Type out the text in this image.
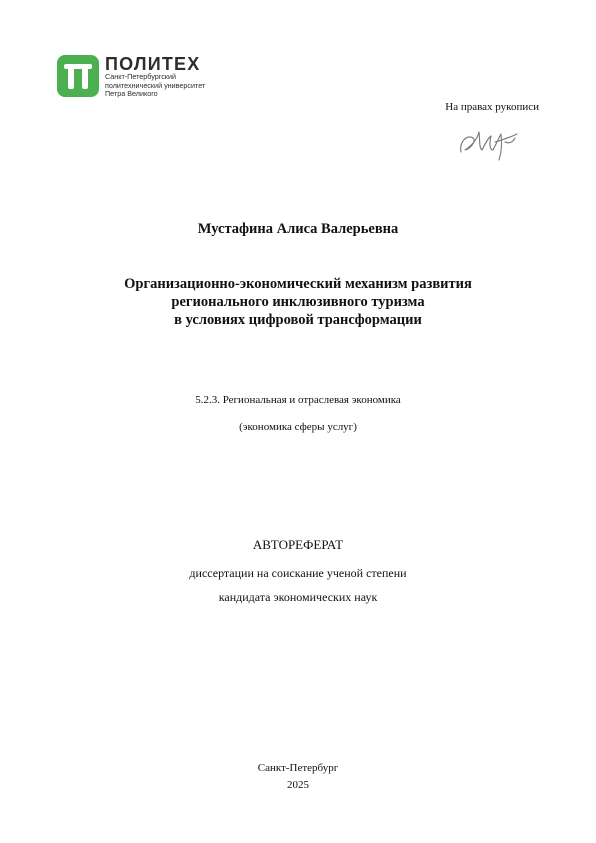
ПОЛИТЕХ
Санкт-Петербургский
политехнический университет
Петра Великого
На правах рукописи
Мустафина Алиса Валерьевна
Организационно-экономический механизм развития
регионального инклюзивного туризма
в условиях цифровой трансформации
5.2.3. Региональная и отраслевая экономика
(экономика сферы услуг)
АВТОРЕФЕРАТ
диссертации на соискание ученой степени
кандидата экономических наук
Санкт-Петербург
2025
